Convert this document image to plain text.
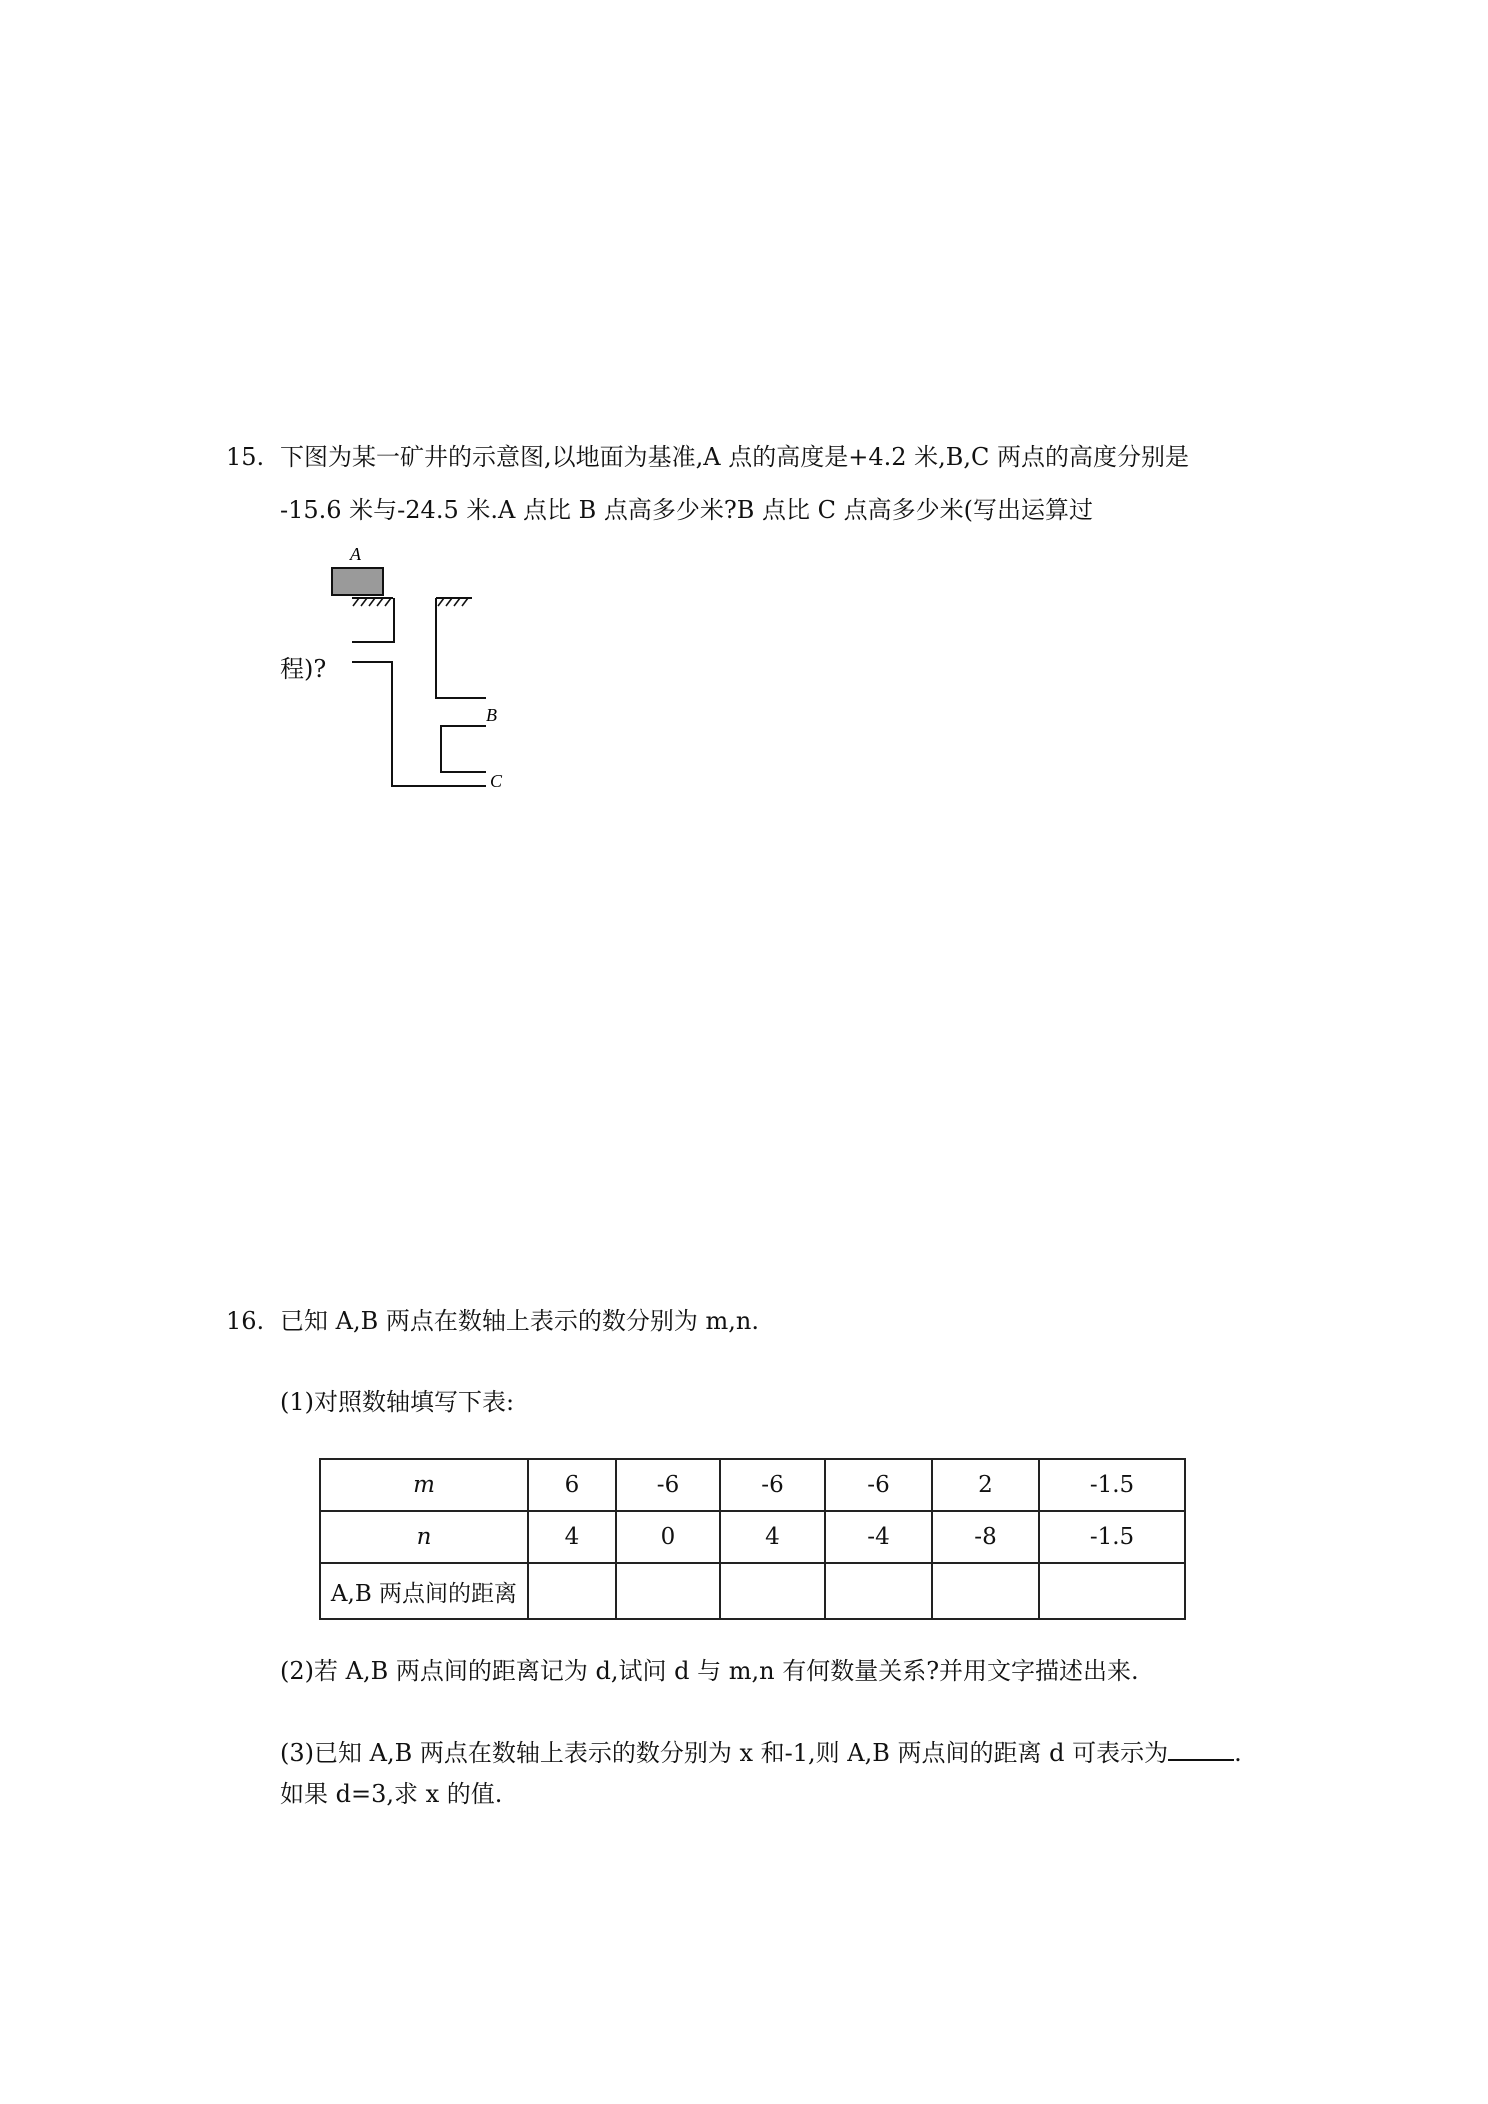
15. 下图为某一矿井的示意图,以地面为基准,A 点的高度是+4.2 米,B,C 两点的高度分别是
-15.6 米与-24.5 米.A 点比 B 点高多少米?B 点比 C 点高多少米(写出运算过
A
B
C
程)?
16. 已知 A,B 两点在数轴上表示的数分别为 m,n.
(1)对照数轴填写下表:
m	6	-6	-6	-6	2	-1.5
n	4	0	4	-4	-8	-1.5
A,B 两点间的距离						
(2)若 A,B 两点间的距离记为 d,试问 d 与 m,n 有何数量关系?并用文字描述出来.
(3)已知 A,B 两点在数轴上表示的数分别为 x 和-1,则 A,B 两点间的距离 d 可表示为	.
如果 d=3,求 x 的值.
